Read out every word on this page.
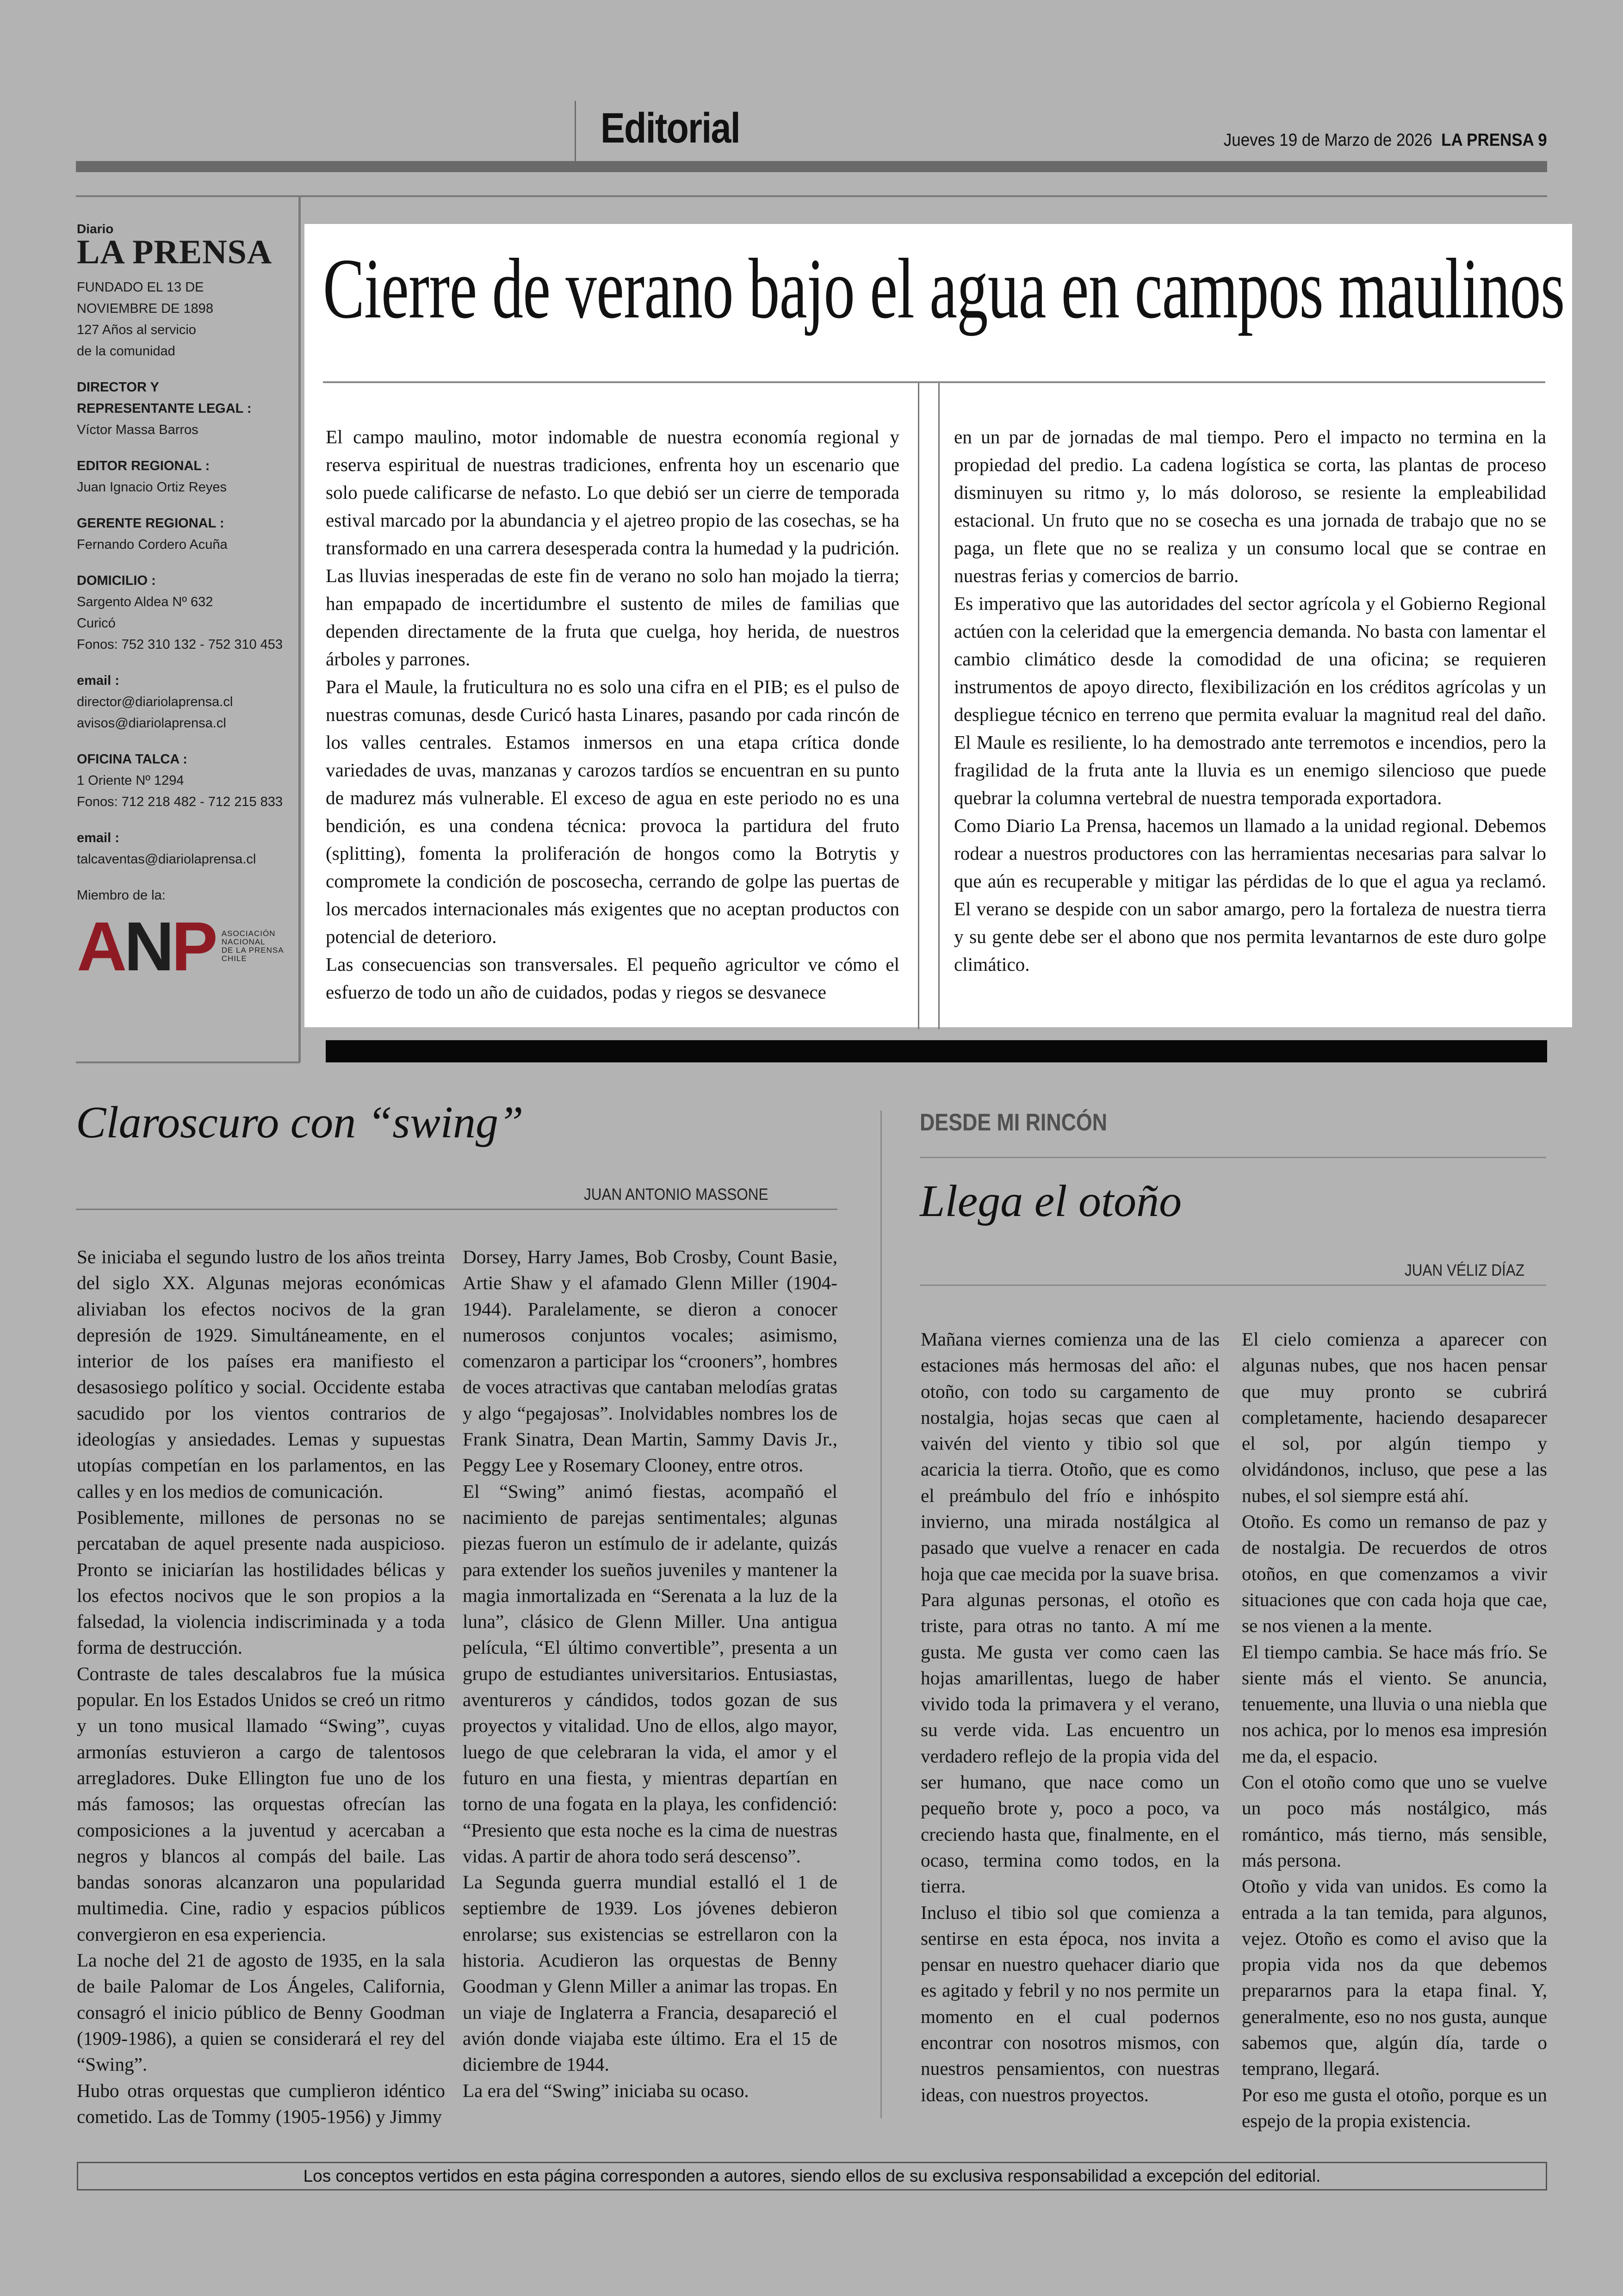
Editorial	Jueves 19 de Marzo de 2026 LA PRENSA 9
Diario
LA PRENSA
FUNDADO EL 13 DE
NOVIEMBRE DE 1898
127 Años al servicio
de la comunidad
DIRECTOR Y
REPRESENTANTE LEGAL :
Víctor Massa Barros
EDITOR REGIONAL :
Juan Ignacio Ortiz Reyes
GERENTE REGIONAL :
Fernando Cordero Acuña
DOMICILIO :
Sargento Aldea Nº 632
Curicó
Fonos: 752 310 132 - 752 310 453
email :
director@diariolaprensa.cl
avisos@diariolaprensa.cl
OFICINA TALCA :
1 Oriente Nº 1294
Fonos: 712 218 482 - 712 215 833
email :
talcaventas@diariolaprensa.cl
Miembro de la:
ANP ASOCIACIÓN
NACIONAL
DE LA PRENSA
CHILE
Cierre de verano bajo el agua en campos maulinos

El campo maulino, motor indomable de nuestra economía regional y reserva espiritual de nuestras tradiciones, enfrenta hoy un escenario que solo puede calificarse de nefasto. Lo que debió ser un cierre de temporada estival marcado por la abundancia y el ajetreo propio de las cosechas, se ha transformado en una carrera desesperada contra la humedad y la pudrición. Las lluvias inesperadas de este fin de verano no solo han mojado la tierra; han empapado de incertidumbre el sustento de miles de familias que dependen directamente de la fruta que cuelga, hoy herida, de nuestros árboles y parrones.

Para el Maule, la fruticultura no es solo una cifra en el PIB; es el pulso de nuestras comunas, desde Curicó hasta Linares, pasando por cada rincón de los valles centrales. Estamos inmersos en una etapa crítica donde variedades de uvas, manzanas y carozos tardíos se encuentran en su punto de madurez más vulnerable. El exceso de agua en este periodo no es una bendición, es una condena técnica: provoca la partidura del fruto (splitting), fomenta la proliferación de hongos como la Botrytis y compromete la condición de poscosecha, cerrando de golpe las puertas de los mercados internacionales más exigentes que no aceptan productos con potencial de deterioro.

Las consecuencias son transversales. El pequeño agricultor ve cómo el esfuerzo de todo un año de cuidados, podas y riegos se desvanece

en un par de jornadas de mal tiempo. Pero el impacto no termina en la propiedad del predio. La cadena logística se corta, las plantas de proceso disminuyen su ritmo y, lo más doloroso, se resiente la empleabilidad estacional. Un fruto que no se cosecha es una jornada de trabajo que no se paga, un flete que no se realiza y un consumo local que se contrae en nuestras ferias y comercios de barrio.

Es imperativo que las autoridades del sector agrícola y el Gobierno Regional actúen con la celeridad que la emergencia demanda. No basta con lamentar el cambio climático desde la comodidad de una oficina; se requieren instrumentos de apoyo directo, flexibilización en los créditos agrícolas y un despliegue técnico en terreno que permita evaluar la magnitud real del daño. El Maule es resiliente, lo ha demostrado ante terremotos e incendios, pero la fragilidad de la fruta ante la lluvia es un enemigo silencioso que puede quebrar la columna vertebral de nuestra temporada exportadora.

Como Diario La Prensa, hacemos un llamado a la unidad regional. Debemos rodear a nuestros productores con las herramientas necesarias para salvar lo que aún es recuperable y mitigar las pérdidas de lo que el agua ya reclamó. El verano se despide con un sabor amargo, pero la fortaleza de nuestra tierra y su gente debe ser el abono que nos permita levantarnos de este duro golpe climático.

Claroscuro con “swing”
JUAN ANTONIO MASSONE

Se iniciaba el segundo lustro de los años treinta del siglo XX. Algunas mejoras económicas aliviaban los efectos nocivos de la gran depresión de 1929. Simultáneamente, en el interior de los países era manifiesto el desasosiego político y social. Occidente estaba sacudido por los vientos contrarios de ideologías y ansiedades. Lemas y supuestas utopías competían en los parlamentos, en las calles y en los medios de comunicación.

Posiblemente, millones de personas no se percataban de aquel presente nada auspicioso. Pronto se iniciarían las hostilidades bélicas y los efectos nocivos que le son propios a la falsedad, la violencia indiscriminada y a toda forma de destrucción.

Contraste de tales descalabros fue la música popular. En los Estados Unidos se creó un ritmo y un tono musical llamado “Swing”, cuyas armonías estuvieron a cargo de talentosos arregladores. Duke Ellington fue uno de los más famosos; las orquestas ofrecían las composiciones a la juventud y acercaban a negros y blancos al compás del baile. Las bandas sonoras alcanzaron una popularidad multimedia. Cine, radio y espacios públicos convergieron en esa experiencia.

La noche del 21 de agosto de 1935, en la sala de baile Palomar de Los Ángeles, California, consagró el inicio público de Benny Goodman (1909-1986), a quien se considerará el rey del “Swing”.

Hubo otras orquestas que cumplieron idéntico cometido. Las de Tommy (1905-1956) y Jimmy

Dorsey, Harry James, Bob Crosby, Count Basie, Artie Shaw y el afamado Glenn Miller (1904-1944). Paralelamente, se dieron a conocer numerosos conjuntos vocales; asimismo, comenzaron a participar los “crooners”, hombres de voces atractivas que cantaban melodías gratas y algo “pegajosas”. Inolvidables nombres los de Frank Sinatra, Dean Martin, Sammy Davis Jr., Peggy Lee y Rosemary Clooney, entre otros.

El “Swing” animó fiestas, acompañó el nacimiento de parejas sentimentales; algunas piezas fueron un estímulo de ir adelante, quizás para extender los sueños juveniles y mantener la magia inmortalizada en “Serenata a la luz de la luna”, clásico de Glenn Miller. Una antigua película, “El último convertible”, presenta a un grupo de estudiantes universitarios. Entusiastas, aventureros y cándidos, todos gozan de sus proyectos y vitalidad. Uno de ellos, algo mayor, luego de que celebraran la vida, el amor y el futuro en una fiesta, y mientras departían en torno de una fogata en la playa, les confidenció: “Presiento que esta noche es la cima de nuestras vidas. A partir de ahora todo será descenso”.

La Segunda guerra mundial estalló el 1 de septiembre de 1939. Los jóvenes debieron enrolarse; sus existencias se estrellaron con la historia. Acudieron las orquestas de Benny Goodman y Glenn Miller a animar las tropas. En un viaje de Inglaterra a Francia, desapareció el avión donde viajaba este último. Era el 15 de diciembre de 1944.

La era del “Swing” iniciaba su ocaso.

DESDE MI RINCÓN
Llega el otoño
JUAN VÉLIZ DÍAZ

Mañana viernes comienza una de las estaciones más hermosas del año: el otoño, con todo su cargamento de nostalgia, hojas secas que caen al vaivén del viento y tibio sol que acaricia la tierra. Otoño, que es como el preámbulo del frío e inhóspito invierno, una mirada nostálgica al pasado que vuelve a renacer en cada hoja que cae mecida por la suave brisa.

Para algunas personas, el otoño es triste, para otras no tanto. A mí me gusta. Me gusta ver como caen las hojas amarillentas, luego de haber vivido toda la primavera y el verano, su verde vida. Las encuentro un verdadero reflejo de la propia vida del ser humano, que nace como un pequeño brote y, poco a poco, va creciendo hasta que, finalmente, en el ocaso, termina como todos, en la tierra.

Incluso el tibio sol que comienza a sentirse en esta época, nos invita a pensar en nuestro quehacer diario que es agitado y febril y no nos permite un momento en el cual podernos encontrar con nosotros mismos, con nuestros pensamientos, con nuestras ideas, con nuestros proyectos.

El cielo comienza a aparecer con algunas nubes, que nos hacen pensar que muy pronto se cubrirá completamente, haciendo desaparecer el sol, por algún tiempo y olvidándonos, incluso, que pese a las nubes, el sol siempre está ahí.

Otoño. Es como un remanso de paz y de nostalgia. De recuerdos de otros otoños, en que comenzamos a vivir situaciones que con cada hoja que cae, se nos vienen a la mente.

El tiempo cambia. Se hace más frío. Se siente más el viento. Se anuncia, tenuemente, una lluvia o una niebla que nos achica, por lo menos esa impresión me da, el espacio.

Con el otoño como que uno se vuelve un poco más nostálgico, más romántico, más tierno, más sensible, más persona.

Otoño y vida van unidos. Es como la entrada a la tan temida, para algunos, vejez. Otoño es como el aviso que la propia vida nos da que debemos prepararnos para la etapa final. Y, generalmente, eso no nos gusta, aunque sabemos que, algún día, tarde o temprano, llegará.

Por eso me gusta el otoño, porque es un espejo de la propia existencia.

Los conceptos vertidos en esta página corresponden a autores, siendo ellos de su exclusiva responsabilidad a excepción del editorial.
